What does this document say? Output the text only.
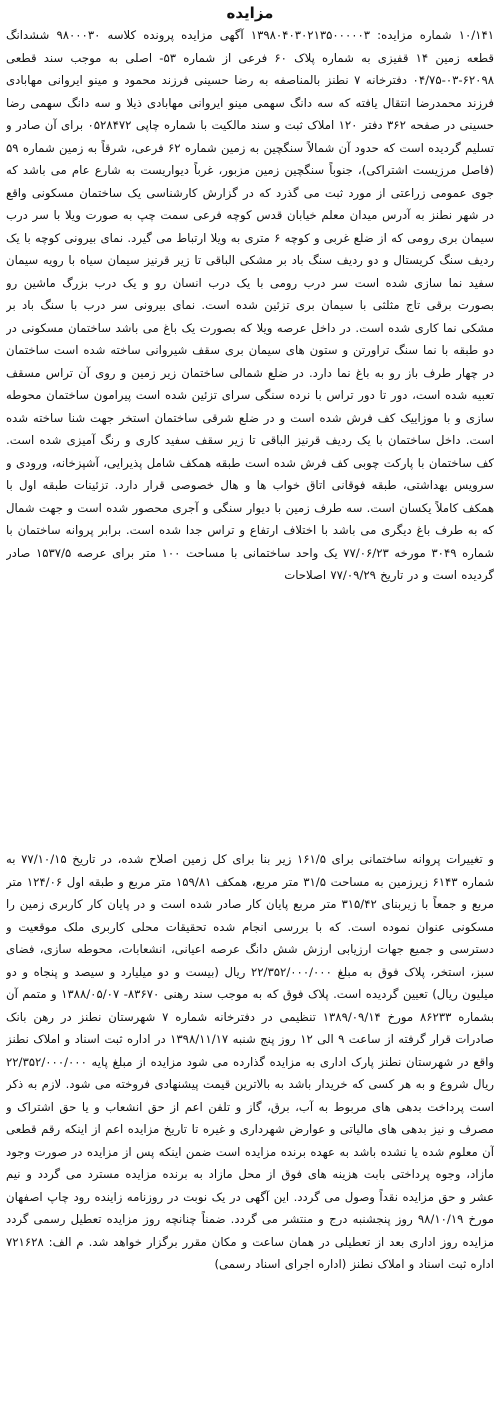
مزایده

۱۰/۱۴۱ شماره مزایده: ۱۳۹۸۰۴۰۳۰۲۱۳۵۰۰۰۰۰۳ آگهی مزایده پرونده کلاسه ۹۸۰۰۰۳۰ ششدانگ قطعه زمین ۱۴ قفیزی به شماره پلاک ۶۰ فرعی از شماره ۵۳- اصلی به موجب سند قطعی ۶۲۰۹۸-۰۳-۰۴/۷۵ دفترخانه ۷ نطنز بالمناصفه به رضا حسینی فرزند محمود و مینو ایروانی مهابادی فرزند محمدرضا انتقال یافته که سه دانگ سهمی مینو ایروانی مهابادی ذیلا و سه دانگ سهمی رضا حسینی در صفحه ۳۶۲ دفتر ۱۲۰ املاک ثبت و سند مالکیت با شماره چاپی ۰۵۲۸۴۷۲ برای آن صادر و تسلیم گردیده است که حدود آن شمالاً سنگچین به زمین شماره ۶۲ فرعی، شرقاً به زمین شماره ۵۹ (فاصل مرزیست اشتراکی)، جنوباً سنگچین زمین مزبور، غرباً دیواریست به شارع عام می باشد که جوی عمومی زراعتی از مورد ثبت می گذرد که در گزارش کارشناسی یک ساختمان مسکونی واقع در شهر نطنز به آدرس میدان معلم خیابان قدس کوچه فرعی سمت چپ به صورت ویلا با سر درب سیمان بری رومی که از ضلع غربی و کوچه ۶ متری به ویلا ارتباط می گیرد. نمای بیرونی کوچه با یک ردیف سنگ کریستال و دو ردیف سنگ باد بر مشکی الباقی تا زیر قرنیز سیمان سیاه با رویه سیمان سفید نما سازی شده است سر درب رومی با یک درب انسان رو و یک درب بزرگ ماشین رو بصورت برقی تاج مثلثی با سیمان بری تزئین شده است. نمای بیرونی سر درب با سنگ باد بر مشکی نما کاری شده است. در داخل عرصه ویلا که بصورت یک باغ می باشد ساختمان مسکونی در دو طبقه با نما سنگ تراورتن و ستون های سیمان بری سقف شیروانی ساخته شده است ساختمان در چهار طرف باز رو به باغ نما دارد. در ضلع شمالی ساختمان زیر زمین و روی آن تراس مسقف تعبیه شده است، دور تا دور تراس با نرده سنگی سرای تزئین شده است پیرامون ساختمان محوطه سازی و با موزاییک کف فرش شده است و در ضلع شرقی ساختمان استخر جهت شنا ساخته شده است. داخل ساختمان با یک ردیف قرنیز الباقی تا زیر سقف سفید کاری و رنگ آمیزی شده است. کف ساختمان با پارکت چوبی کف فرش شده است طبقه همکف شامل پذیرایی، آشپزخانه، ورودی و سرویس بهداشتی، طبقه فوقانی اتاق خواب ها و هال خصوصی قرار دارد. تزئینات طبقه اول با همکف کاملاً یکسان است. سه طرف زمین با دیوار سنگی و آجری محصور شده است و جهت شمال که به طرف باغ دیگری می باشد با اختلاف ارتفاع و تراس جدا شده است. برابر پروانه ساختمان با شماره ۳۰۴۹ مورخه ۷۷/۰۶/۲۳ یک واحد ساختمانی با مساحت ۱۰۰ متر برای عرصه ۱۵۳۷/۵ صادر گردیده است و در تاریخ ۷۷/۰۹/۲۹ اصلاحات

و تغییرات پروانه ساختمانی برای ۱۶۱/۵ زیر بنا برای کل زمین اصلاح شده، در تاریخ ۷۷/۱۰/۱۵ به شماره ۶۱۴۳ زیرزمین به مساحت ۳۱/۵ متر مربع، همکف ۱۵۹/۸۱ متر مربع و طبقه اول ۱۲۴/۰۶ متر مربع و جمعاً با زیربنای ۳۱۵/۴۲ متر مربع پایان کار صادر شده است و در پایان کار کاربری زمین را مسکونی عنوان نموده است. که با بررسی انجام شده تحقیقات محلی کاربری ملک موقعیت و دسترسی و جمیع جهات ارزیابی ارزش شش دانگ عرصه اعیانی، انشعابات، محوطه سازی، فضای سبز، استخر، پلاک فوق به مبلغ ۲۲/۳۵۲/۰۰۰/۰۰۰ ریال (بیست و دو میلیارد و سیصد و پنجاه و دو میلیون ریال) تعیین گردیده است. پلاک فوق که به موجب سند رهنی ۸۳۶۷۰- ۱۳۸۸/۰۵/۰۷ و متمم آن بشماره ۸۶۲۳۳ مورخ ۱۳۸۹/۰۹/۱۴ تنظیمی در دفترخانه شماره ۷ شهرستان نطنز در رهن بانک صادرات قرار گرفته از ساعت ۹ الی ۱۲ روز پنج شنبه ۱۳۹۸/۱۱/۱۷ در اداره ثبت اسناد و املاک نطنز واقع در شهرستان نطنز پارک اداری به مزایده گذارده می شود مزایده از مبلغ پایه ۲۲/۳۵۲/۰۰۰/۰۰۰ ریال شروع و به هر کسی که خریدار باشد به بالاترین قیمت پیشنهادی فروخته می شود. لازم به ذکر است پرداخت بدهی های مربوط به آب، برق، گاز و تلفن اعم از حق انشعاب و یا حق اشتراک و مصرف و نیز بدهی های مالیاتی و عوارض شهرداری و غیره تا تاریخ مزایده اعم از اینکه رقم قطعی آن معلوم شده یا نشده باشد به عهده برنده مزایده است ضمن اینکه پس از مزایده در صورت وجود مازاد، وجوه پرداختی بابت هزینه های فوق از محل مازاد به برنده مزایده مسترد می گردد و نیم عشر و حق مزایده نقداً وصول می گردد. این آگهی در یک نوبت در روزنامه زاینده رود چاپ اصفهان مورخ ۹۸/۱۰/۱۹ روز پنجشنبه درج و منتشر می گردد. ضمناً چنانچه روز مزایده تعطیل رسمی گردد مزایده روز اداری بعد از تعطیلی در همان ساعت و مکان مقرر برگزار خواهد شد. م الف: ۷۲۱۶۲۸ اداره ثبت اسناد و املاک نطنز (اداره اجرای اسناد رسمی)
